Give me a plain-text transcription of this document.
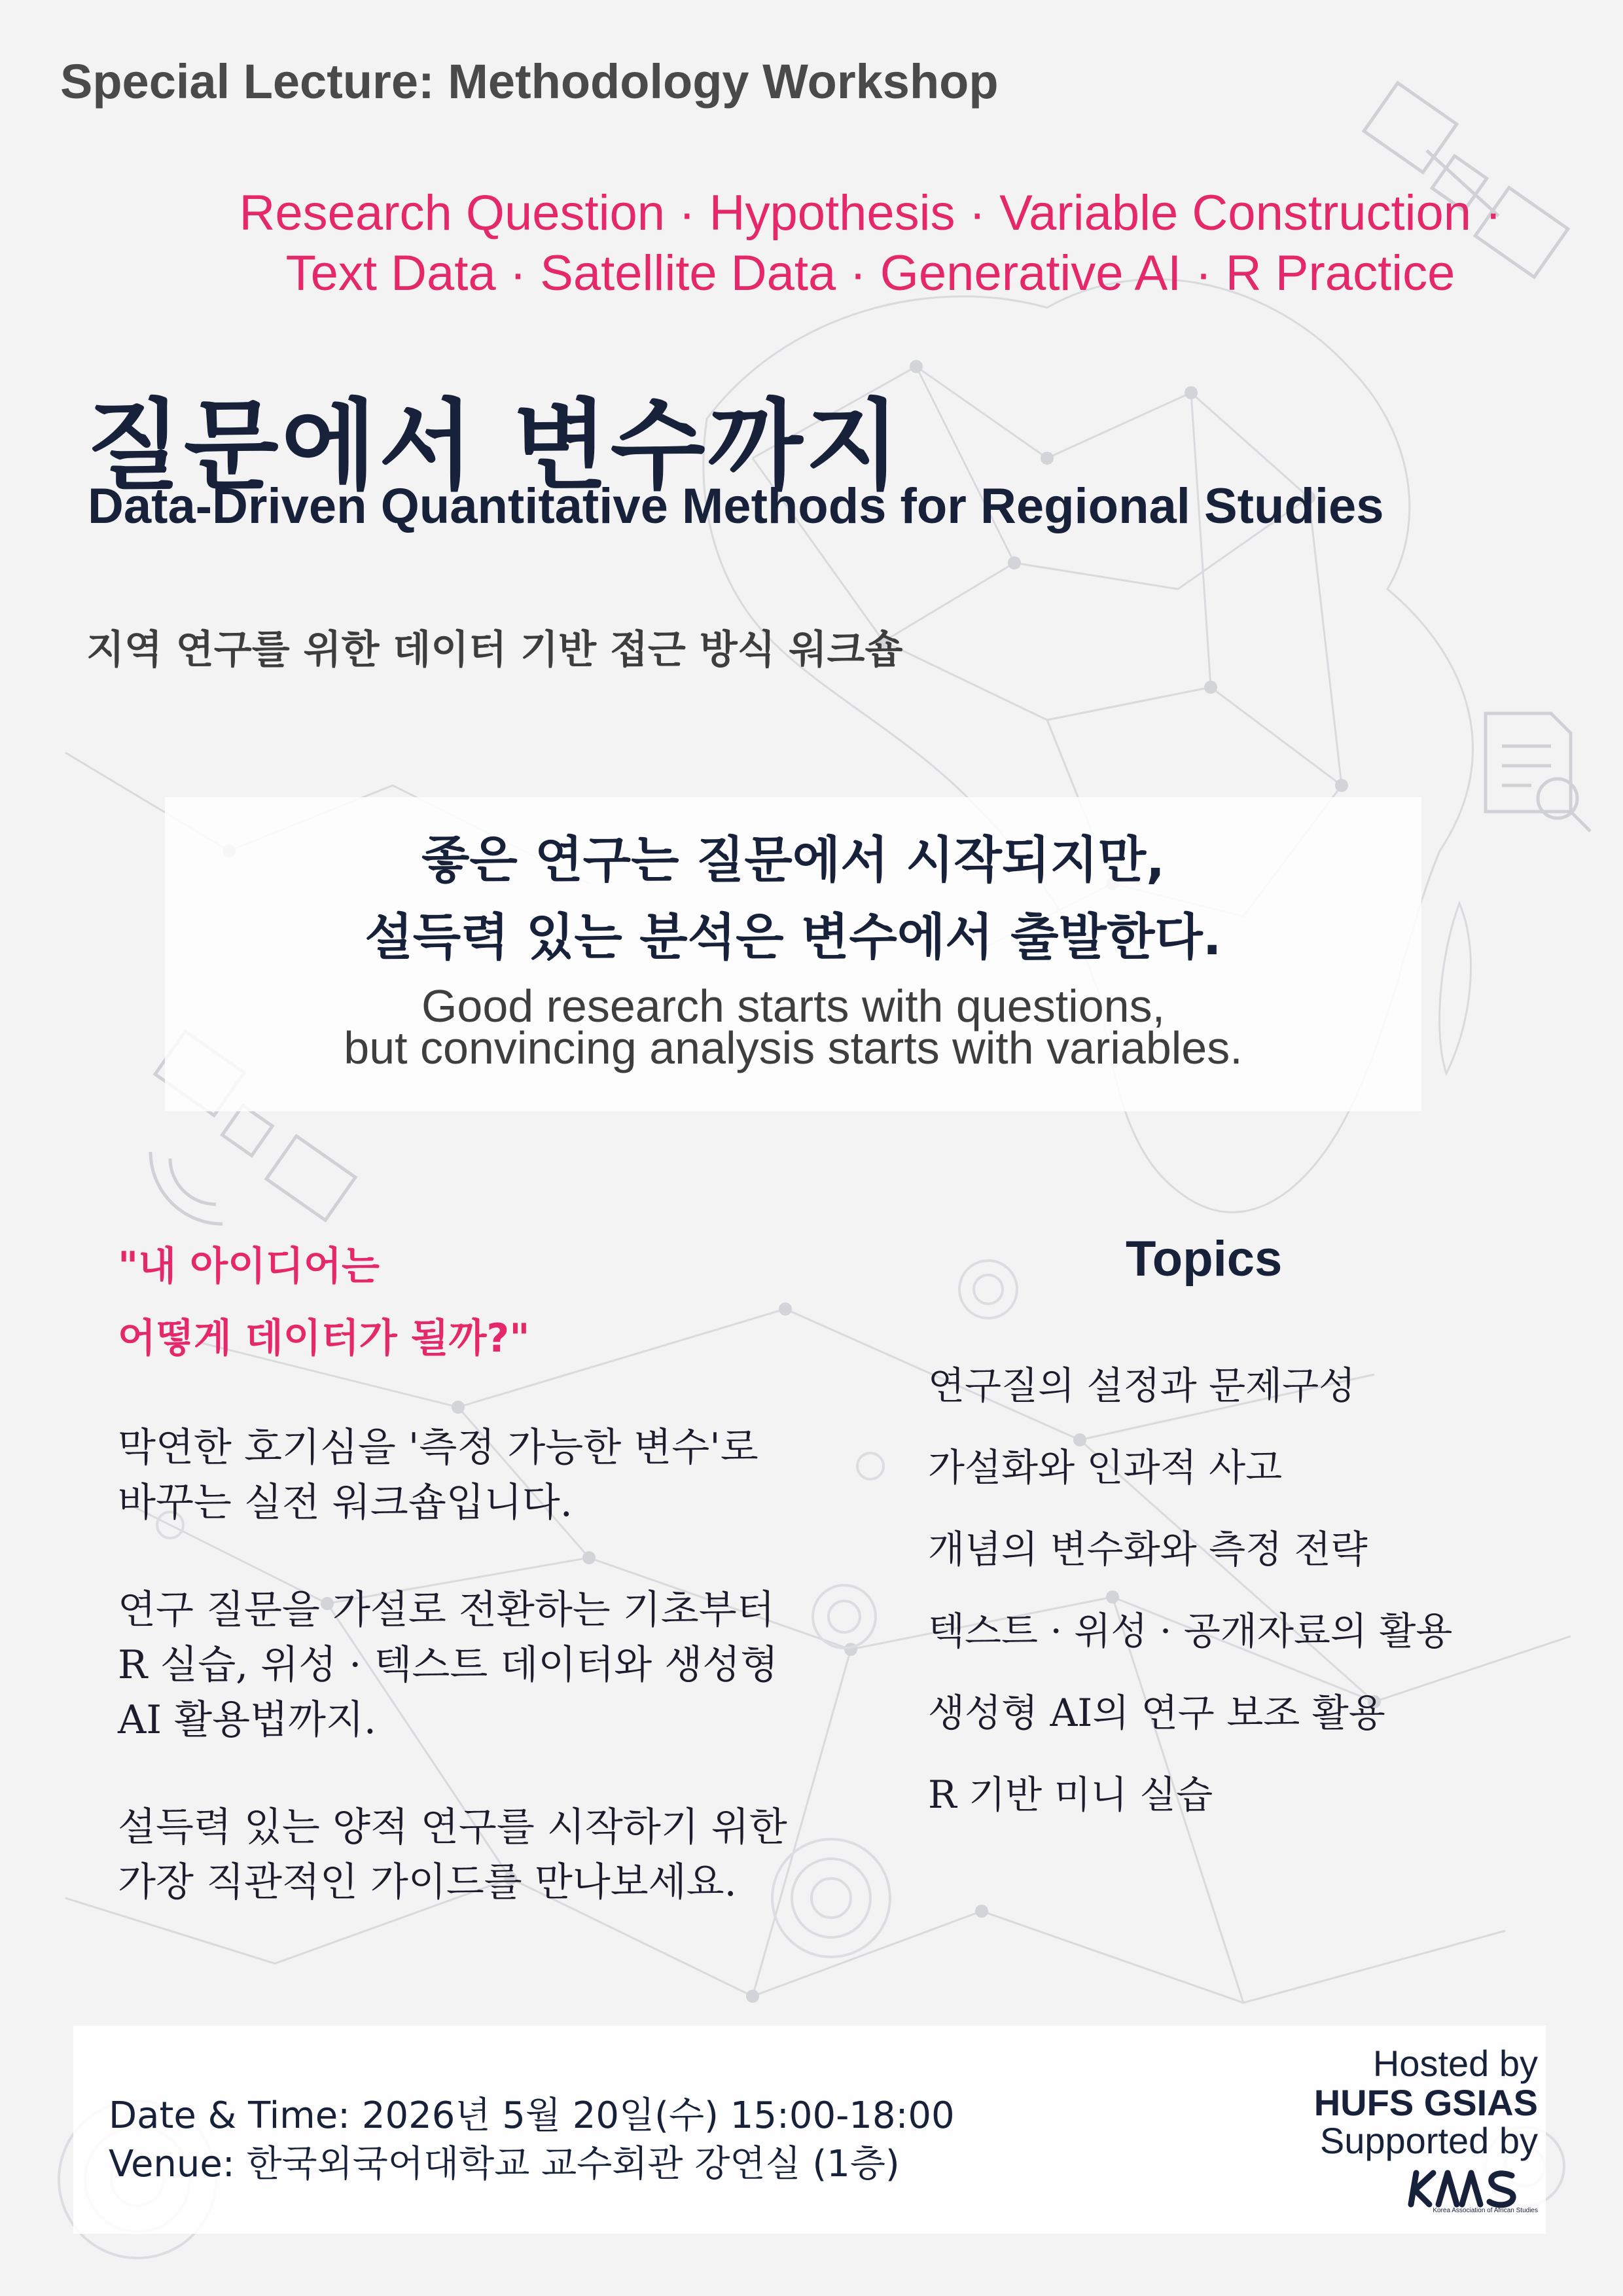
Special Lecture: Methodology Workshop
Research Question · Hypothesis · Variable Construction ·
Text Data · Satellite Data · Generative AI · R Practice
질문에서 변수까지
Data-Driven Quantitative Methods for Regional Studies
지역 연구를 위한 데이터 기반 접근 방식 워크숍
좋은 연구는 질문에서 시작되지만,
설득력 있는 분석은 변수에서 출발한다.
Good research starts with questions,
but convincing analysis starts with variables.
"내 아이디어는
어떻게 데이터가 될까?"
막연한 호기심을 '측정 가능한 변수'로
바꾸는 실전 워크숍입니다.
연구 질문을 가설로 전환하는 기초부터
R 실습, 위성 · 텍스트 데이터와 생성형
AI 활용법까지.
설득력 있는 양적 연구를 시작하기 위한
가장 직관적인 가이드를 만나보세요.
Topics
연구질의 설정과 문제구성
가설화와 인과적 사고
개념의 변수화와 측정 전략
텍스트 · 위성 · 공개자료의 활용
생성형 AI의 연구 보조 활용
R 기반 미니 실습
Date & Time: 2026년 5월 20일(수) 15:00-18:00
Venue: 한국외국어대학교 교수회관 강연실 (1층)
Hosted by
HUFS GSIAS
Supported by
Korea Association of African Studies
